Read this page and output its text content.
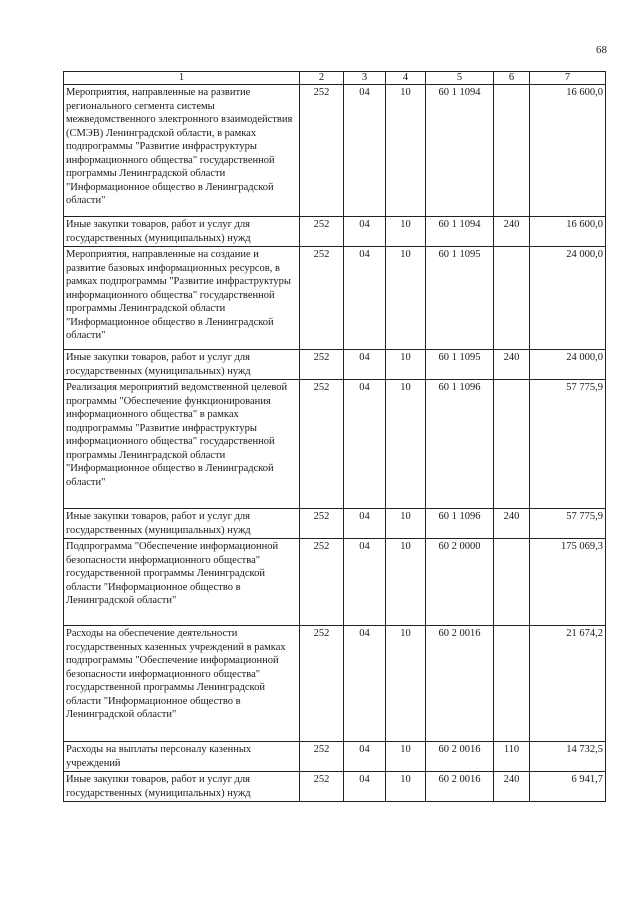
68
1	2	3	4	5	6	7
Мероприятия, направленные на развитие регионального сегмента системы межведомственного электронного взаимодействия (СМЭВ) Ленинградской области, в рамках подпрограммы "Развитие инфраструктуры информационного общества" государственной программы Ленинградской области "Информационное общество в Ленинградской области"	252	04	10	60 1 1094		16 600,0
Иные закупки товаров, работ и услуг для государственных (муниципальных) нужд	252	04	10	60 1 1094	240	16 600,0
Мероприятия, направленные на создание и развитие базовых информационных ресурсов, в рамках подпрограммы "Развитие инфраструктуры информационного общества" государственной программы Ленинградской области "Информационное общество в Ленинградской области"	252	04	10	60 1 1095		24 000,0
Иные закупки товаров, работ и услуг для государственных (муниципальных) нужд	252	04	10	60 1 1095	240	24 000,0
Реализация мероприятий ведомственной целевой программы "Обеспечение функционирования информационного общества" в рамках подпрограммы "Развитие инфраструктуры информационного общества" государственной программы Ленинградской области "Информационное общество в Ленинградской области"	252	04	10	60 1 1096		57 775,9
Иные закупки товаров, работ и услуг для государственных (муниципальных) нужд	252	04	10	60 1 1096	240	57 775,9
Подпрограмма "Обеспечение информационной безопасности информационного общества" государственной программы Ленинградской области "Информационное общество в Ленинградской области"	252	04	10	60 2 0000		175 069,3
Расходы на обеспечение деятельности государственных казенных учреждений в рамках подпрограммы "Обеспечение информационной безопасности информационного общества" государственной программы Ленинградской области "Информационное общество в Ленинградской области"	252	04	10	60 2 0016		21 674,2
Расходы на выплаты персоналу казенных учреждений	252	04	10	60 2 0016	110	14 732,5
Иные закупки товаров, работ и услуг для государственных (муниципальных) нужд	252	04	10	60 2 0016	240	6 941,7
